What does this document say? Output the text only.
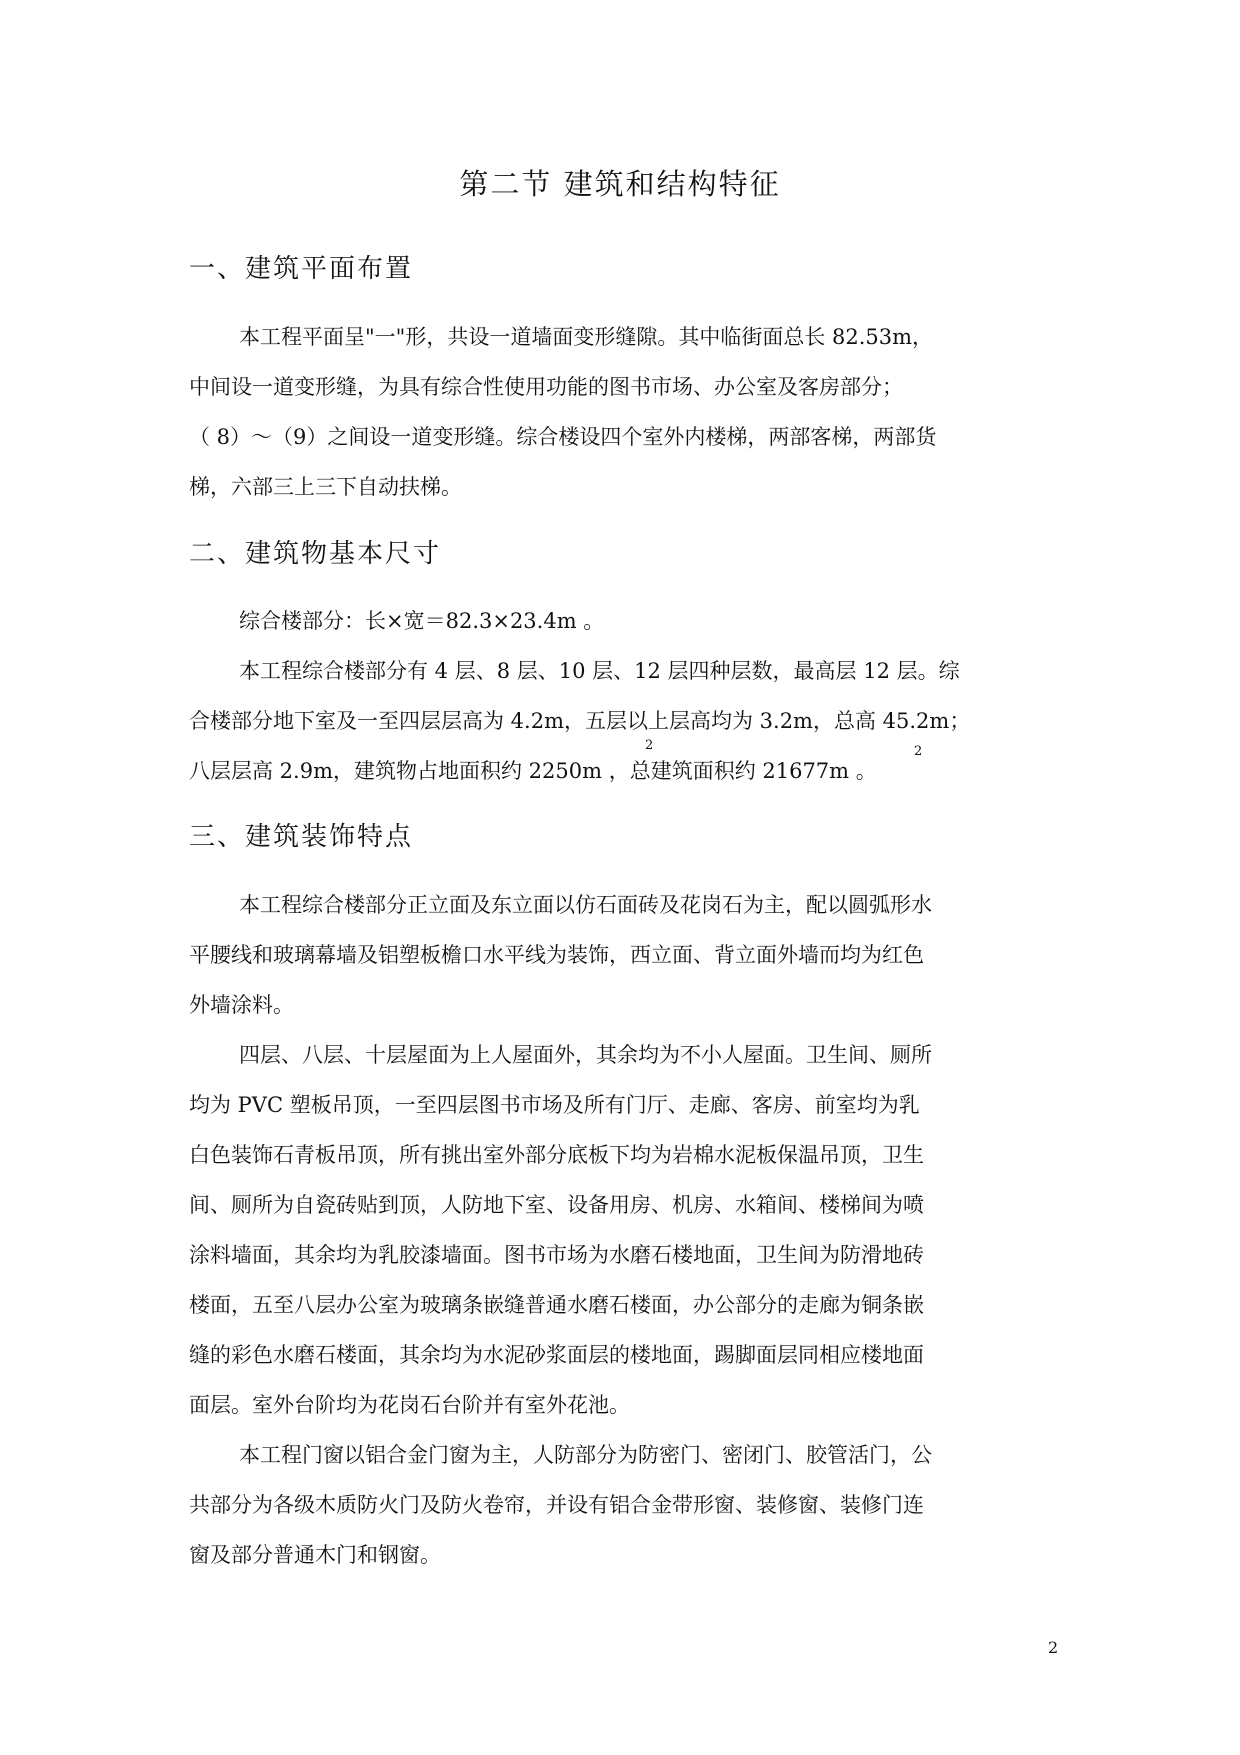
第二节 建筑和结构特征
一、建筑平面布置
本工程平面呈"一"形，共设一道墙面变形缝隙。其中临街面总长 82.53m，
中间设一道变形缝，为具有综合性使用功能的图书市场、办公室及客房部分；
（ 8）～（9）之间设一道变形缝。综合楼设四个室外内楼梯，两部客梯，两部货
梯，六部三上三下自动扶梯。
二、建筑物基本尺寸
综合楼部分：长×宽＝82.3×23.4m 。
本工程综合楼部分有 4 层、8 层、10 层、12 层四种层数，最高层 12 层。综
合楼部分地下室及一至四层层高为 4.2m，五层以上层高均为 3.2m，总高 45.2m；
八层层高 2.9m，建筑物占地面积约 2250m ，总建筑面积约 21677m 。
2	2
三、建筑装饰特点
本工程综合楼部分正立面及东立面以仿石面砖及花岗石为主，配以圆弧形水
平腰线和玻璃幕墙及铝塑板檐口水平线为装饰，西立面、背立面外墙而均为红色
外墙涂料。
四层、八层、十层屋面为上人屋面外，其余均为不小人屋面。卫生间、厕所
均为 PVC 塑板吊顶，一至四层图书市场及所有门厅、走廊、客房、前室均为乳
白色装饰石青板吊顶，所有挑出室外部分底板下均为岩棉水泥板保温吊顶，卫生
间、厕所为自瓷砖贴到顶，人防地下室、设备用房、机房、水箱间、楼梯间为喷
涂料墙面，其余均为乳胶漆墙面。图书市场为水磨石楼地面，卫生间为防滑地砖
楼面，五至八层办公室为玻璃条嵌缝普通水磨石楼面，办公部分的走廊为铜条嵌
缝的彩色水磨石楼面，其余均为水泥砂浆面层的楼地面，踢脚面层同相应楼地面
面层。室外台阶均为花岗石台阶并有室外花池。
本工程门窗以铝合金门窗为主，人防部分为防密门、密闭门、胶管活门，公
共部分为各级木质防火门及防火卷帘，并设有铝合金带形窗、装修窗、装修门连
窗及部分普通木门和钢窗。
2
